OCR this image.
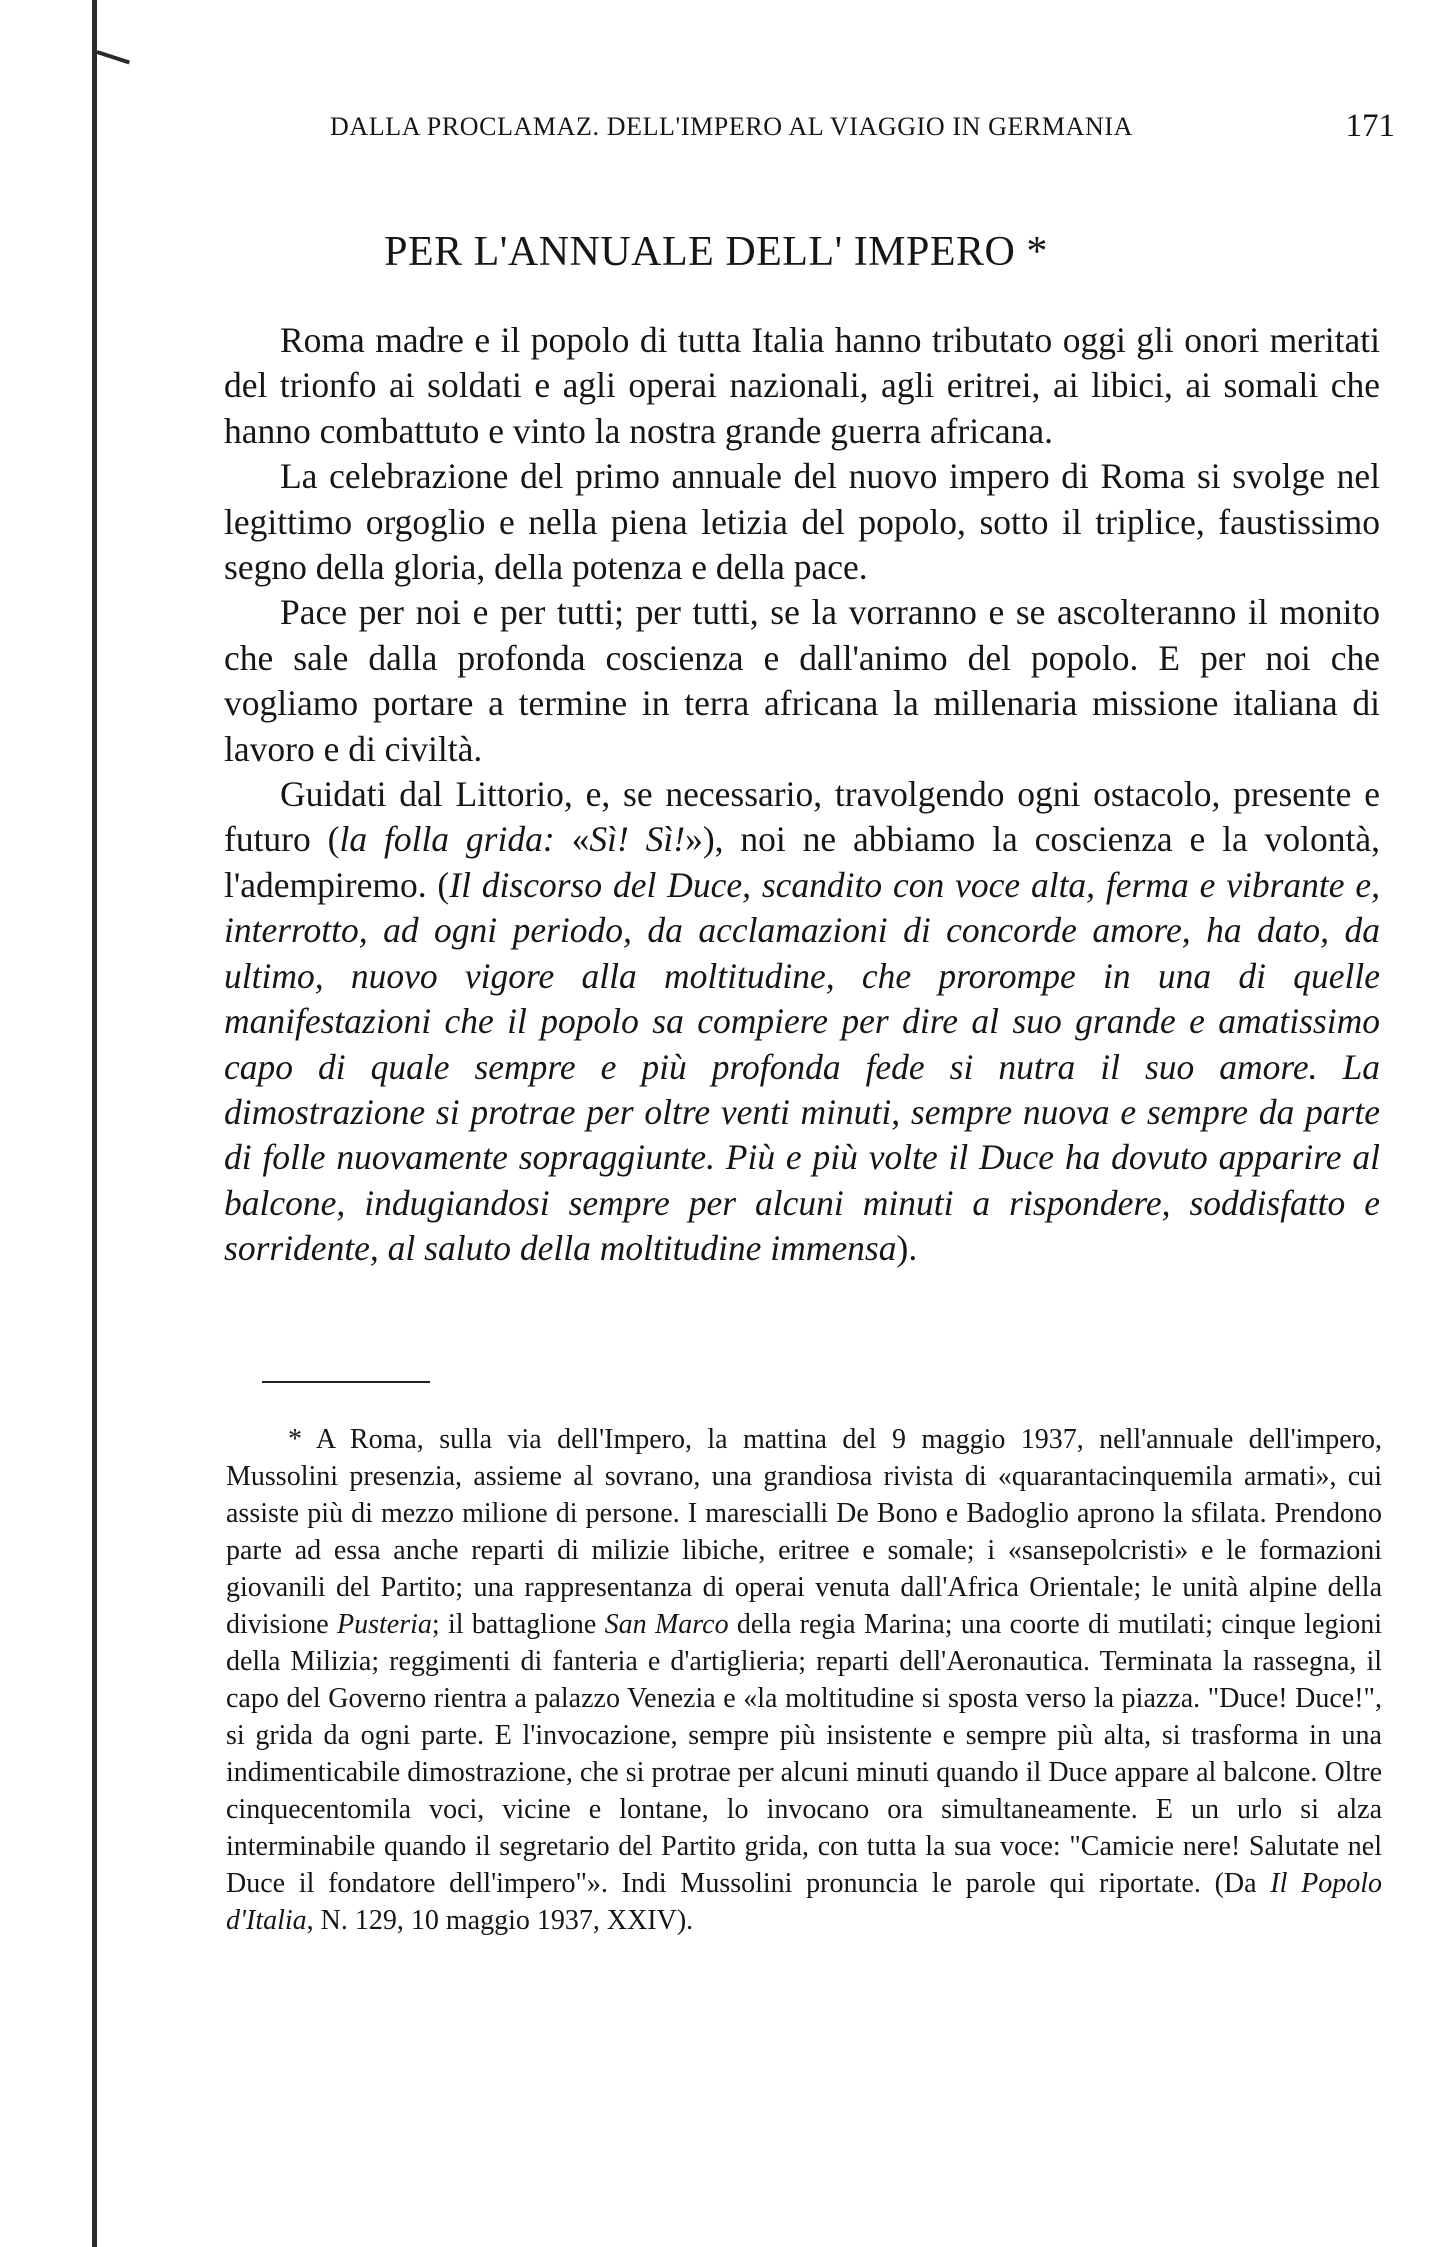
DALLA PROCLAMAZ. DELL'IMPERO AL VIAGGIO IN GERMANIA	171
PER L'ANNUALE DELL' IMPERO *

Roma madre e il popolo di tutta Italia hanno tributato oggi gli onori meritati del trionfo ai soldati e agli operai nazionali, agli eritrei, ai libici, ai somali che hanno combattuto e vinto la nostra grande guerra africana.

La celebrazione del primo annuale del nuovo impero di Roma si svolge nel legittimo orgoglio e nella piena letizia del popolo, sotto il triplice, faustissimo segno della gloria, della potenza e della pace.

Pace per noi e per tutti; per tutti, se la vorranno e se ascolteranno il monito che sale dalla profonda coscienza e dall'animo del popolo. E per noi che vogliamo portare a termine in terra africana la millenaria missione italiana di lavoro e di civiltà.

Guidati dal Littorio, e, se necessario, travolgendo ogni ostacolo, presente e futuro (la folla grida: «Sì! Sì!»), noi ne abbiamo la coscienza e la volontà, l'adempiremo. (Il discorso del Duce, scandito con voce alta, ferma e vibrante e, interrotto, ad ogni periodo, da acclamazioni di concorde amore, ha dato, da ultimo, nuovo vigore alla moltitudine, che prorompe in una di quelle manifestazioni che il popolo sa compiere per dire al suo grande e amatissimo capo di quale sempre e più profonda fede si nutra il suo amore. La dimostrazione si protrae per oltre venti minuti, sempre nuova e sempre da parte di folle nuovamente sopraggiunte. Più e più volte il Duce ha dovuto apparire al balcone, indugiandosi sempre per alcuni minuti a rispondere, soddisfatto e sorridente, al saluto della moltitudine immensa).

* A Roma, sulla via dell'Impero, la mattina del 9 maggio 1937, nell'annuale dell'impero, Mussolini presenzia, assieme al sovrano, una grandiosa rivista di «quarantacinquemila armati», cui assiste più di mezzo milione di persone. I marescialli De Bono e Badoglio aprono la sfilata. Prendono parte ad essa anche reparti di milizie libiche, eritree e somale; i «sansepolcristi» e le formazioni giovanili del Partito; una rappresentanza di operai venuta dall'Africa Orientale; le unità alpine della divisione Pusteria; il battaglione San Marco della regia Marina; una coorte di mutilati; cinque legioni della Milizia; reggimenti di fanteria e d'artiglieria; reparti dell'Aeronautica. Terminata la rassegna, il capo del Governo rientra a palazzo Venezia e «la moltitudine si sposta verso la piazza. "Duce! Duce!", si grida da ogni parte. E l'invocazione, sempre più insistente e sempre più alta, si trasforma in una indimenticabile dimostrazione, che si protrae per alcuni minuti quando il Duce appare al balcone. Oltre cinquecentomila voci, vicine e lontane, lo invocano ora simultaneamente. E un urlo si alza interminabile quando il segretario del Partito grida, con tutta la sua voce: "Camicie nere! Salutate nel Duce il fondatore dell'impero"». Indi Mussolini pronuncia le parole qui riportate. (Da Il Popolo d'Italia, N. 129, 10 maggio 1937, XXIV).
